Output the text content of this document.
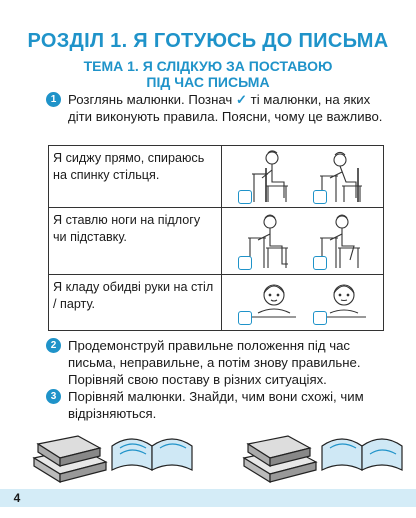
РОЗДІЛ 1. Я ГОТУЮСЬ ДО ПИСЬМА
ТЕМА 1. Я СЛІДКУЮ ЗА ПОСТАВОЮ
ПІД ЧАС ПИСЬМА
1 Розглянь малюнки. Познач ✓ ті малюнки, на яких діти виконують правила. Поясни, чому це важливо.
Я сиджу прямо, спираюсь на спинку стільця.

Я ставлю ноги на підлогу чи підставку.

Я кладу обидві руки на стіл / парту.

2 Продемонструй правильне положення під час письма, неправильне, а потім знову правильне. Порівняй свою поставу в різних ситуаціях.
3 Порівняй малюнки. Знайди, чим вони схожі, чим відрізняються.
4
